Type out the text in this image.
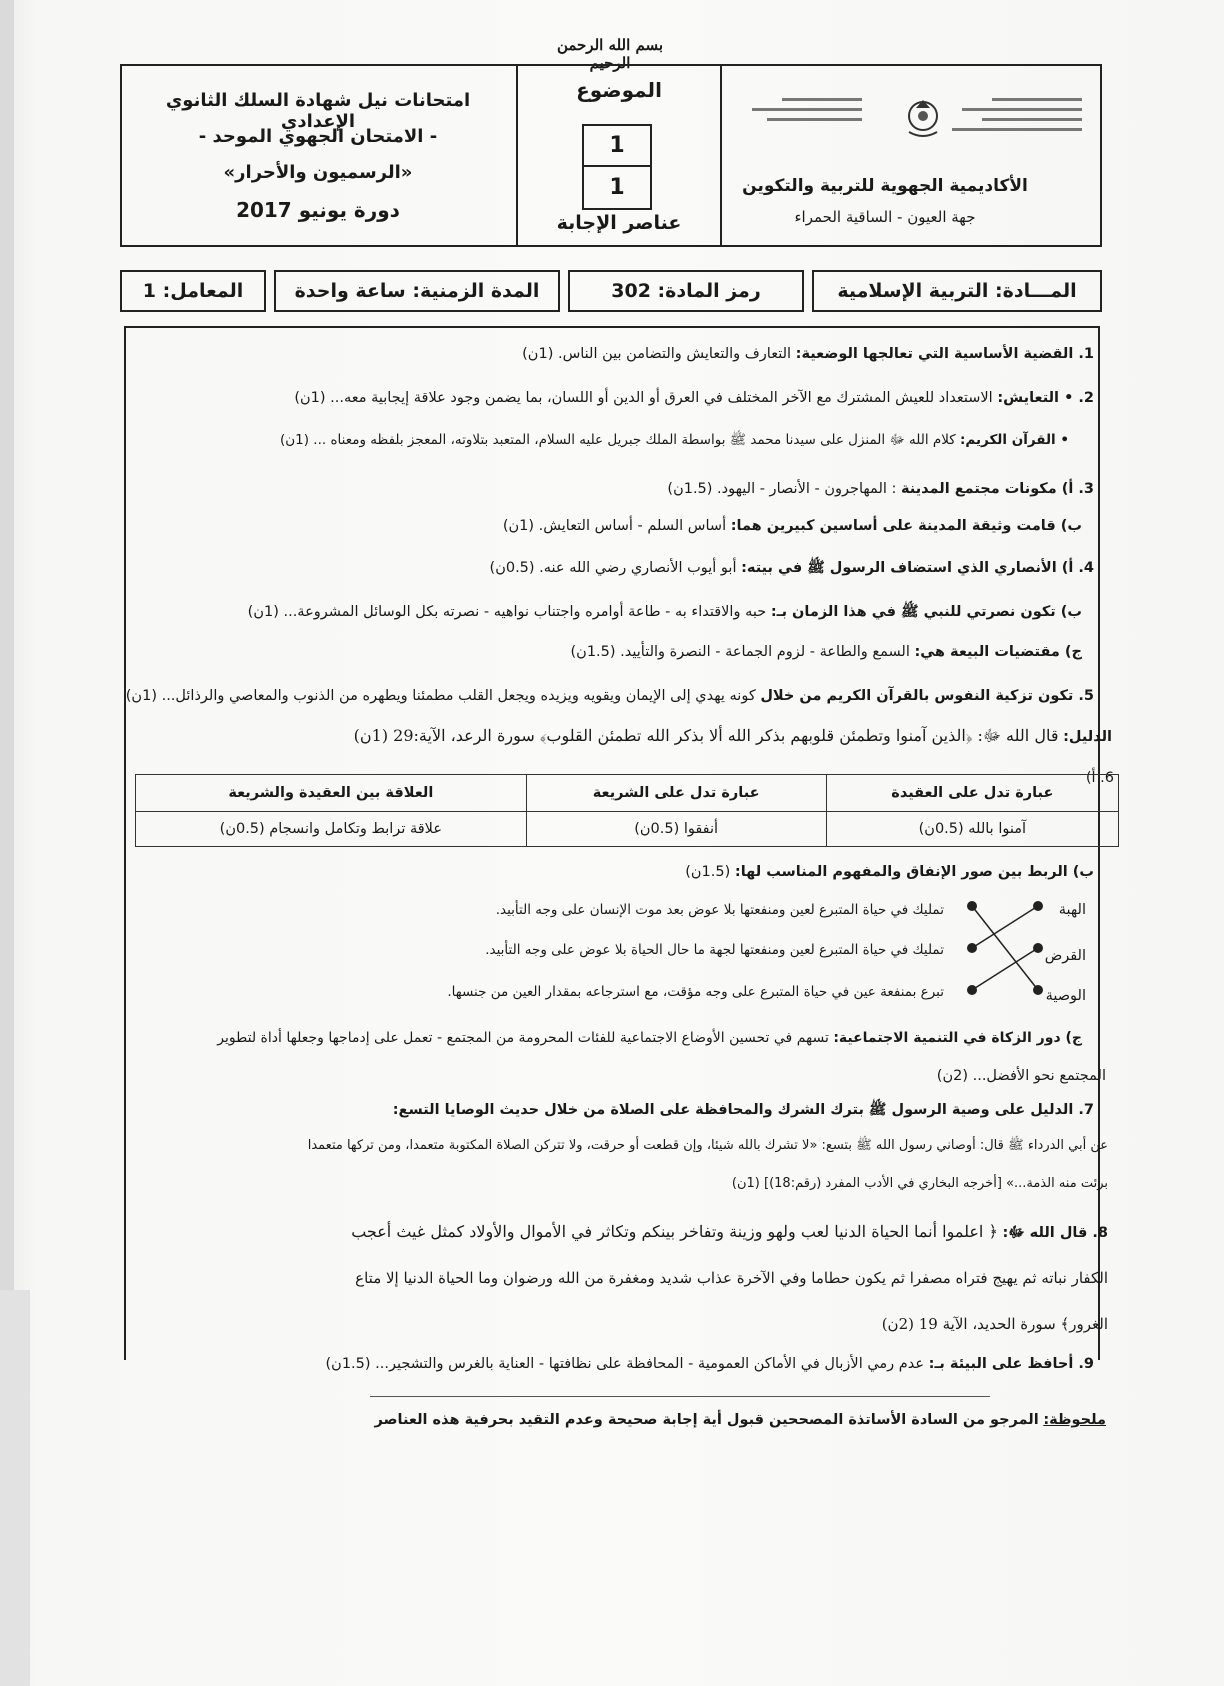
بسم الله الرحمن الرحيم
الأكاديمية الجهوية للتربية والتكوين
جهة العيون - الساقية الحمراء
الموضوع
1
1
عناصر الإجابة
امتحانات نيل شهادة السلك الثانوي الإعدادي
- الامتحان الجهوي الموحد -
«الرسميون والأحرار»
دورة يونيو 2017
المـــادة: التربية الإسلامية
رمز المادة: 302
المدة الزمنية: ساعة واحدة
المعامل: 1
1. القضية الأساسية التي تعالجها الوضعية: التعارف والتعايش والتضامن بين الناس. (1ن)
2. • التعايش: الاستعداد للعيش المشترك مع الآخر المختلف في العرق أو الدين أو اللسان، بما يضمن وجود علاقة إيجابية معه... (1ن)
• القرآن الكريم: كلام الله ﷻ المنزل على سيدنا محمد ﷺ بواسطة الملك جبريل عليه السلام، المتعبد بتلاوته، المعجز بلفظه ومعناه ... (1ن)
3. أ) مكونات مجتمع المدينة : المهاجرون - الأنصار - اليهود. (1.5ن)
ب) قامت وثيقة المدينة على أساسين كبيرين هما: أساس السلم - أساس التعايش. (1ن)
4. أ) الأنصاري الذي استضاف الرسول ﷺ في بيته: أبو أيوب الأنصاري رضي الله عنه. (0.5ن)
ب) تكون نصرتي للنبي ﷺ في هذا الزمان بـ: حبه والاقتداء به - طاعة أوامره واجتناب نواهيه - نصرته بكل الوسائل المشروعة... (1ن)
ج) مقتضيات البيعة هي: السمع والطاعة - لزوم الجماعة - النصرة والتأييد. (1.5ن)
5. تكون تزكية النفوس بالقرآن الكريم من خلال كونه يهدي إلى الإيمان ويقويه ويزيده ويجعل القلب مطمئنا ويطهره من الذنوب والمعاصي والرذائل... (1ن)
الدليل: قال الله ﷻ: ﴿الذين آمنوا وتطمئن قلوبهم بذكر الله ألا بذكر الله تطمئن القلوب﴾ سورة الرعد، الآية:29 (1ن)
6. أ)
عبارة تدل على العقيدة	عبارة تدل على الشريعة	العلاقة بين العقيدة والشريعة
آمنوا بالله (0.5ن)	أنفقوا (0.5ن)	علاقة ترابط وتكامل وانسجام (0.5ن)
ب) الربط بين صور الإنفاق والمفهوم المناسب لها: (1.5ن)
الهبة
القرض
الوصية
تمليك في حياة المتبرع لعين ومنفعتها بلا عوض بعد موت الإنسان على وجه التأبيد.
تمليك في حياة المتبرع لعين ومنفعتها لجهة ما حال الحياة بلا عوض على وجه التأبيد.
تبرع بمنفعة عين في حياة المتبرع على وجه مؤقت، مع استرجاعه بمقدار العين من جنسها.
ج) دور الزكاة في التنمية الاجتماعية: تسهم في تحسين الأوضاع الاجتماعية للفئات المحرومة من المجتمع - تعمل على إدماجها وجعلها أداة لتطوير
المجتمع نحو الأفضل... (2ن)
7. الدليل على وصية الرسول ﷺ بترك الشرك والمحافظة على الصلاة من خلال حديث الوصايا التسع:
عن أبي الدرداء ﷺ قال: أوصاني رسول الله ﷺ بتسع: «لا تشرك بالله شيئا، وإن قطعت أو حرقت، ولا تتركن الصلاة المكتوبة متعمدا، ومن تركها متعمدا
برئت منه الذمة...» [أخرجه البخاري في الأدب المفرد (رقم:18)] (1ن)
8. قال الله ﷻ: ﴿ اعلموا أنما الحياة الدنيا لعب ولهو وزينة وتفاخر بينكم وتكاثر في الأموال والأولاد كمثل غيث أعجب
الكفار نباته ثم يهيج فتراه مصفرا ثم يكون حطاما وفي الآخرة عذاب شديد ومغفرة من الله ورضوان وما الحياة الدنيا إلا متاع
الغرور﴾ سورة الحديد، الآية 19 (2ن)
9. أحافظ على البيئة بـ: عدم رمي الأزبال في الأماكن العمومية - المحافظة على نظافتها - العناية بالغرس والتشجير... (1.5ن)
ملحوظة: المرجو من السادة الأساتذة المصححين قبول أية إجابة صحيحة وعدم التقيد بحرفية هذه العناصر
